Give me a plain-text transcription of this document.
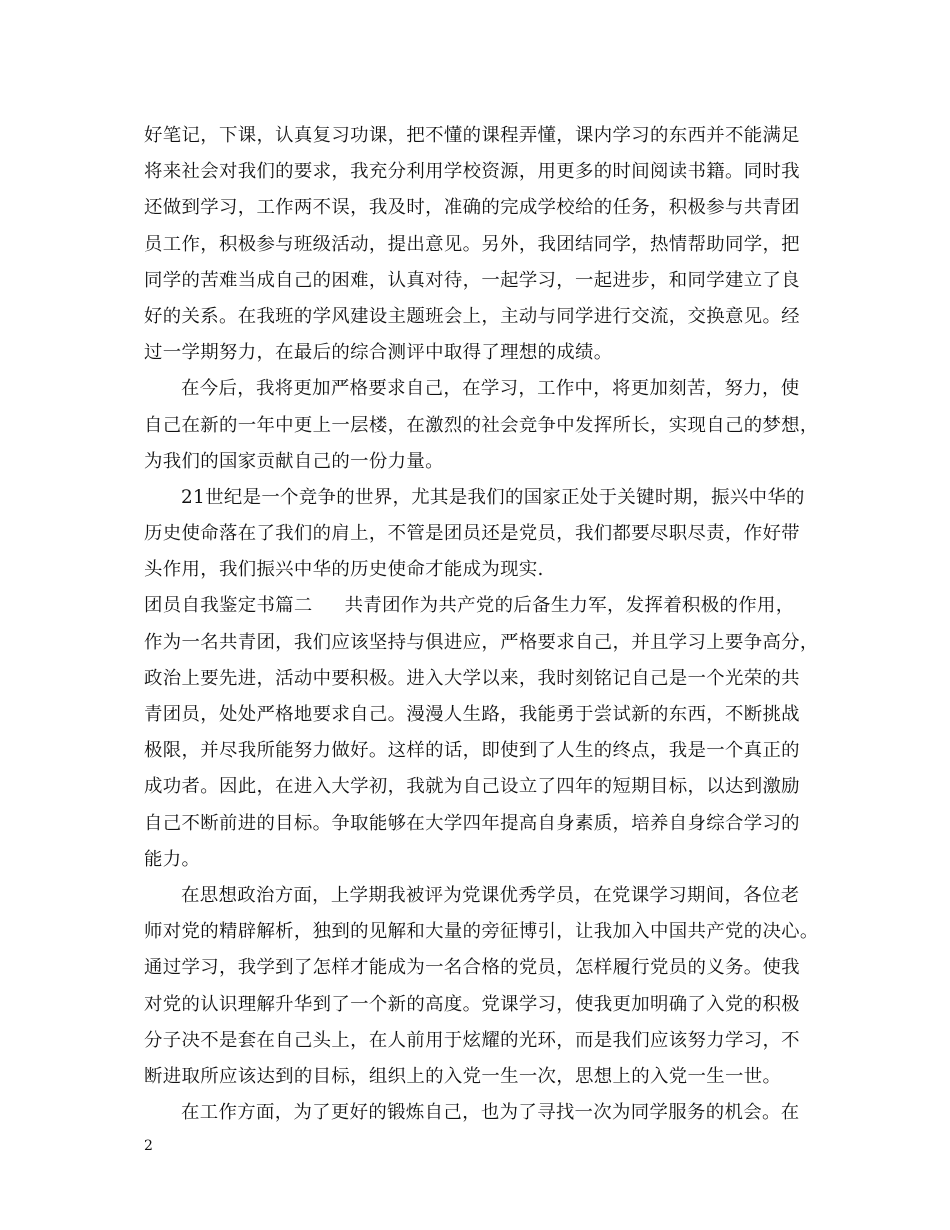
好笔记，下课，认真复习功课，把不懂的课程弄懂，课内学习的东西并不能满足
将来社会对我们的要求，我充分利用学校资源，用更多的时间阅读书籍。同时我
还做到学习，工作两不误，我及时，准确的完成学校给的任务，积极参与共青团
员工作，积极参与班级活动，提出意见。另外，我团结同学，热情帮助同学，把
同学的苦难当成自己的困难，认真对待，一起学习，一起进步，和同学建立了良
好的关系。在我班的学风建设主题班会上，主动与同学进行交流，交换意见。经
过一学期努力，在最后的综合测评中取得了理想的成绩。
在今后，我将更加严格要求自己，在学习，工作中，将更加刻苦，努力，使
自己在新的一年中更上一层楼，在激烈的社会竞争中发挥所长，实现自己的梦想，
为我们的国家贡献自己的一份力量。
21世纪是一个竞争的世界，尤其是我们的国家正处于关键时期，振兴中华的
历史使命落在了我们的肩上，不管是团员还是党员，我们都要尽职尽责，作好带
头作用，我们振兴中华的历史使命才能成为现实.
团员自我鉴定书篇二 共青团作为共产党的后备生力军，发挥着积极的作用，
作为一名共青团，我们应该坚持与俱进应，严格要求自己，并且学习上要争高分，
政治上要先进，活动中要积极。进入大学以来，我时刻铭记自己是一个光荣的共
青团员，处处严格地要求自己。漫漫人生路，我能勇于尝试新的东西，不断挑战
极限，并尽我所能努力做好。这样的话，即使到了人生的终点，我是一个真正的
成功者。因此，在进入大学初，我就为自己设立了四年的短期目标，以达到激励
自己不断前进的目标。争取能够在大学四年提高自身素质，培养自身综合学习的
能力。
在思想政治方面，上学期我被评为党课优秀学员，在党课学习期间，各位老
师对党的精辟解析，独到的见解和大量的旁征博引，让我加入中国共产党的决心。
通过学习，我学到了怎样才能成为一名合格的党员，怎样履行党员的义务。使我
对党的认识理解升华到了一个新的高度。党课学习，使我更加明确了入党的积极
分子决不是套在自己头上，在人前用于炫耀的光环，而是我们应该努力学习，不
断进取所应该达到的目标，组织上的入党一生一次，思想上的入党一生一世。
在工作方面，为了更好的锻炼自己，也为了寻找一次为同学服务的机会。在
2
